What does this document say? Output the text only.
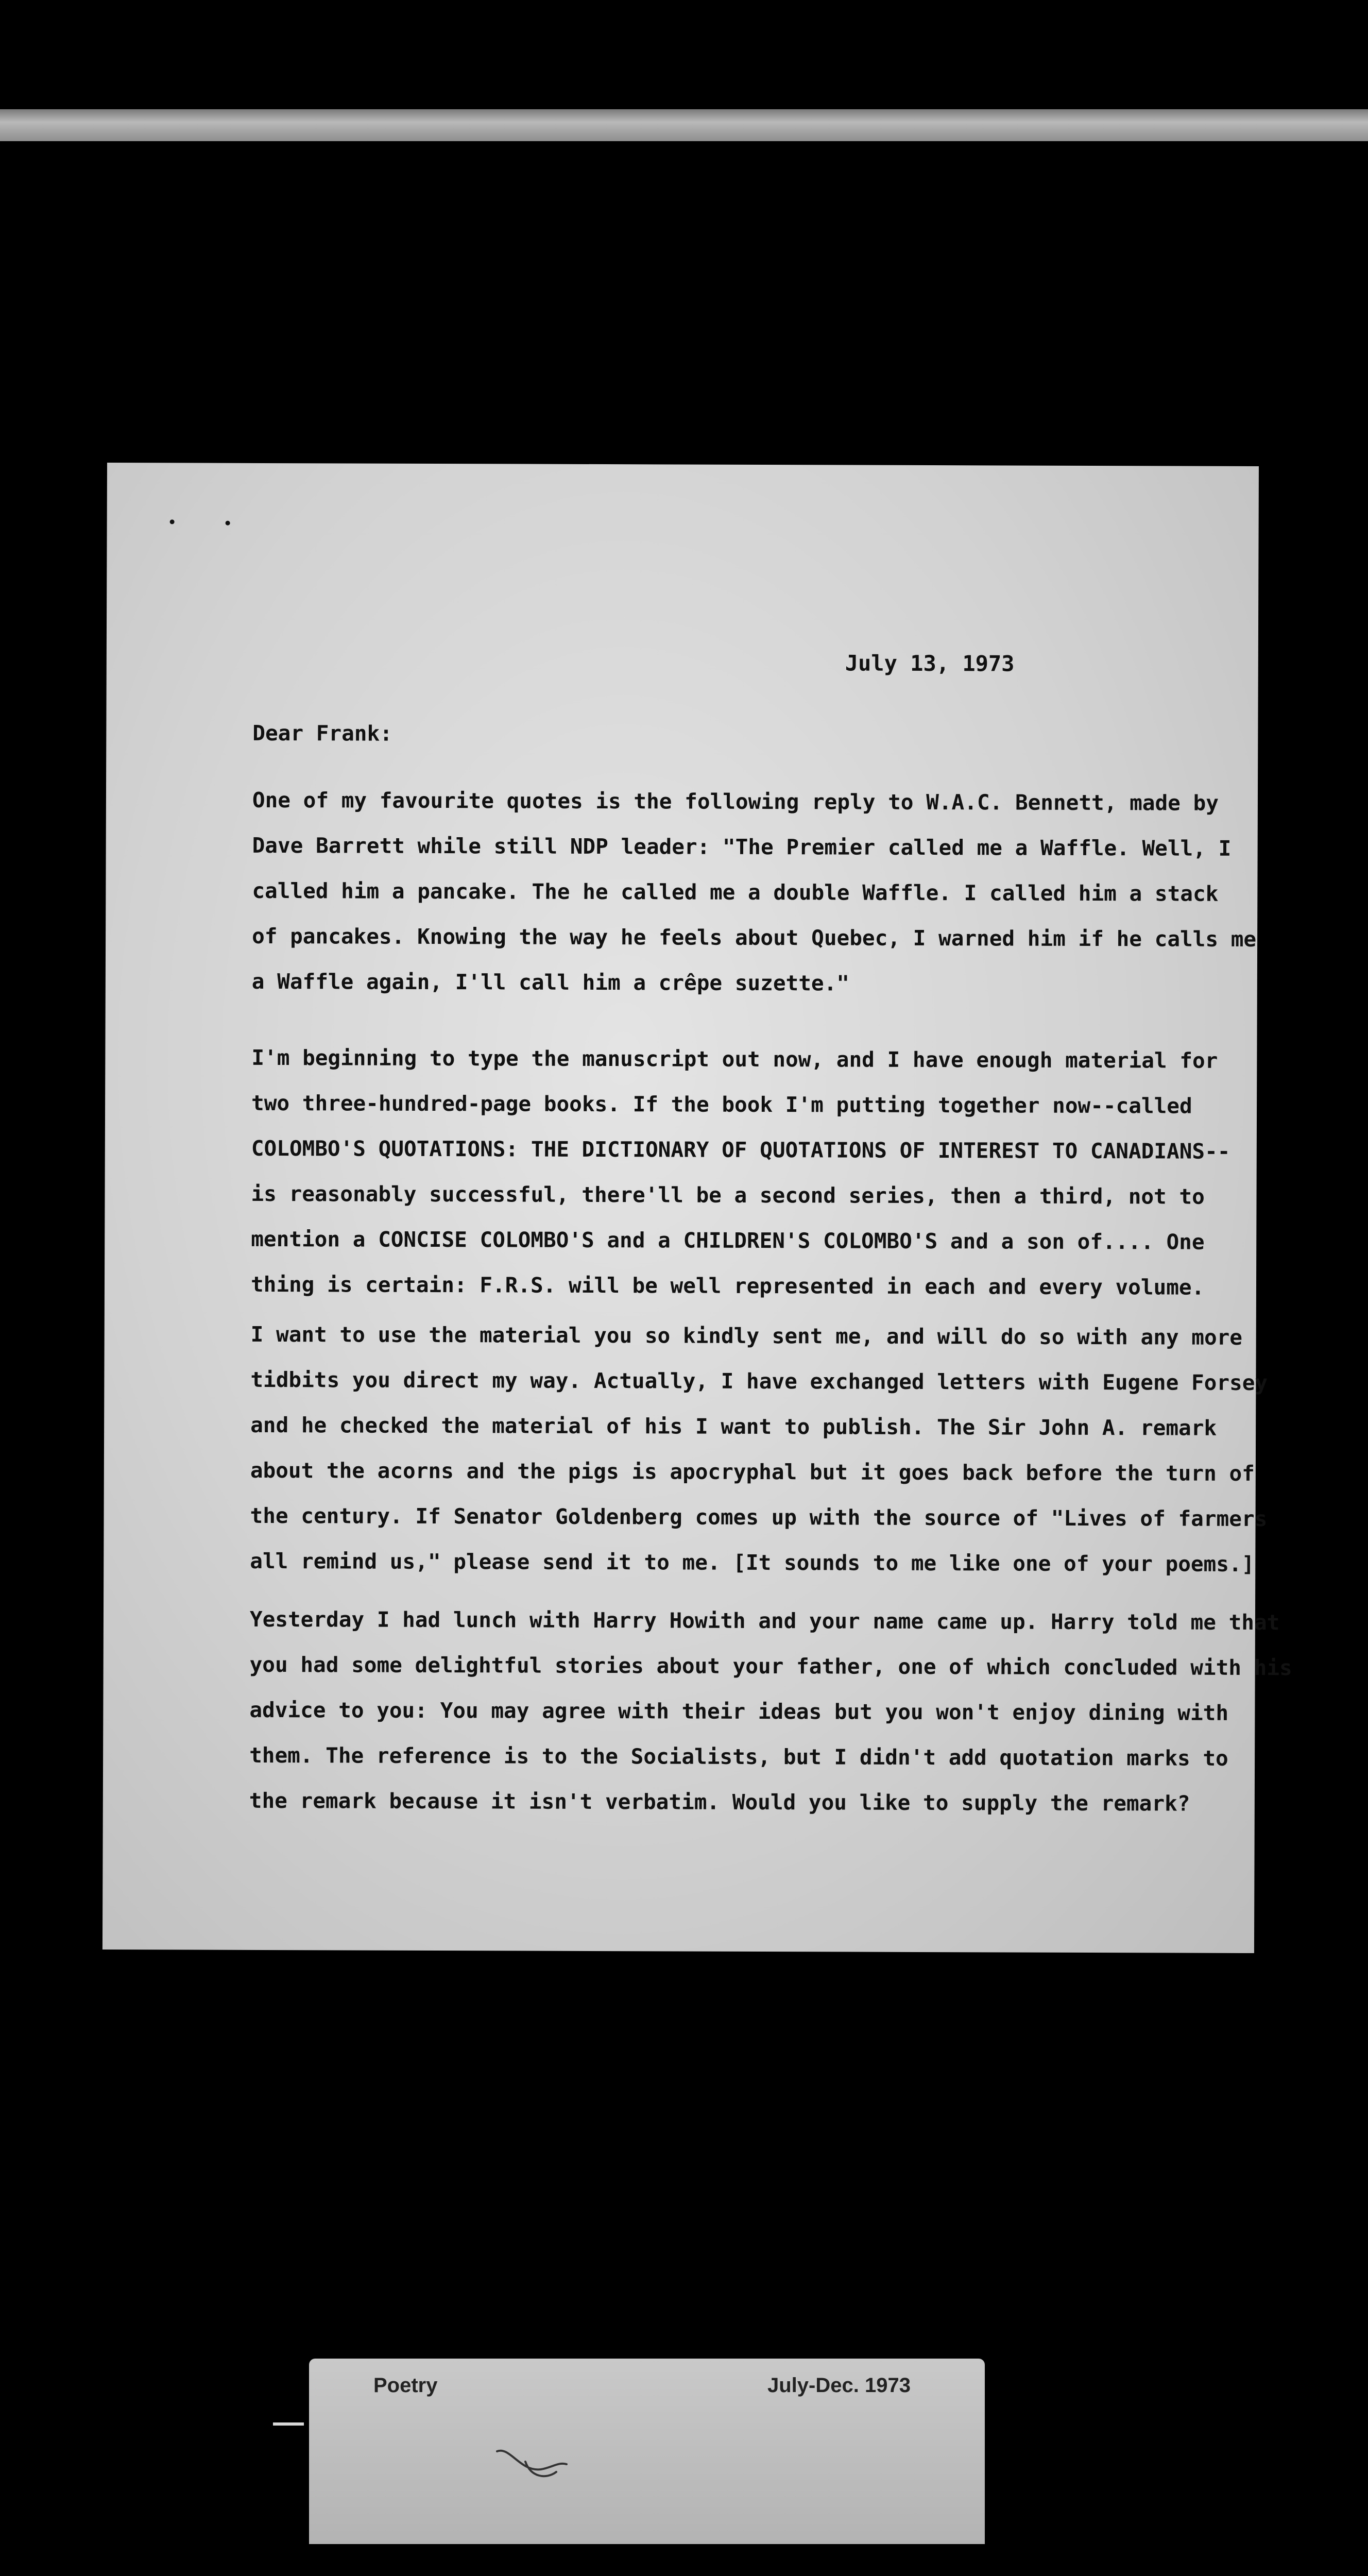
July 13, 1973
Dear Frank:
One of my favourite quotes is the following reply to W.A.C. Bennett, made by
Dave Barrett while still NDP leader: "The Premier called me a Waffle. Well, I
called him a pancake. The he called me a double Waffle. I called him a stack
of pancakes. Knowing the way he feels about Quebec, I warned him if he calls me
a Waffle again, I'll call him a crêpe suzette."
I'm beginning to type the manuscript out now, and I have enough material for
two three-hundred-page books. If the book I'm putting together now--called
COLOMBO'S QUOTATIONS: THE DICTIONARY OF QUOTATIONS OF INTEREST TO CANADIANS--
is reasonably successful, there'll be a second series, then a third, not to
mention a CONCISE COLOMBO'S and a CHILDREN'S COLOMBO'S and a son of.... One
thing is certain: F.R.S. will be well represented in each and every volume.
I want to use the material you so kindly sent me, and will do so with any more
tidbits you direct my way. Actually, I have exchanged letters with Eugene Forsey
and he checked the material of his I want to publish. The Sir John A. remark
about the acorns and the pigs is apocryphal but it goes back before the turn of
the century. If Senator Goldenberg comes up with the source of "Lives of farmers
all remind us," please send it to me. [It sounds to me like one of your poems.]
Yesterday I had lunch with Harry Howith and your name came up. Harry told me that
you had some delightful stories about your father, one of which concluded with his
advice to you: You may agree with their ideas but you won't enjoy dining with
them. The reference is to the Socialists, but I didn't add quotation marks to
the remark because it isn't verbatim. Would you like to supply the remark?
Poetry	July-Dec. 1973
